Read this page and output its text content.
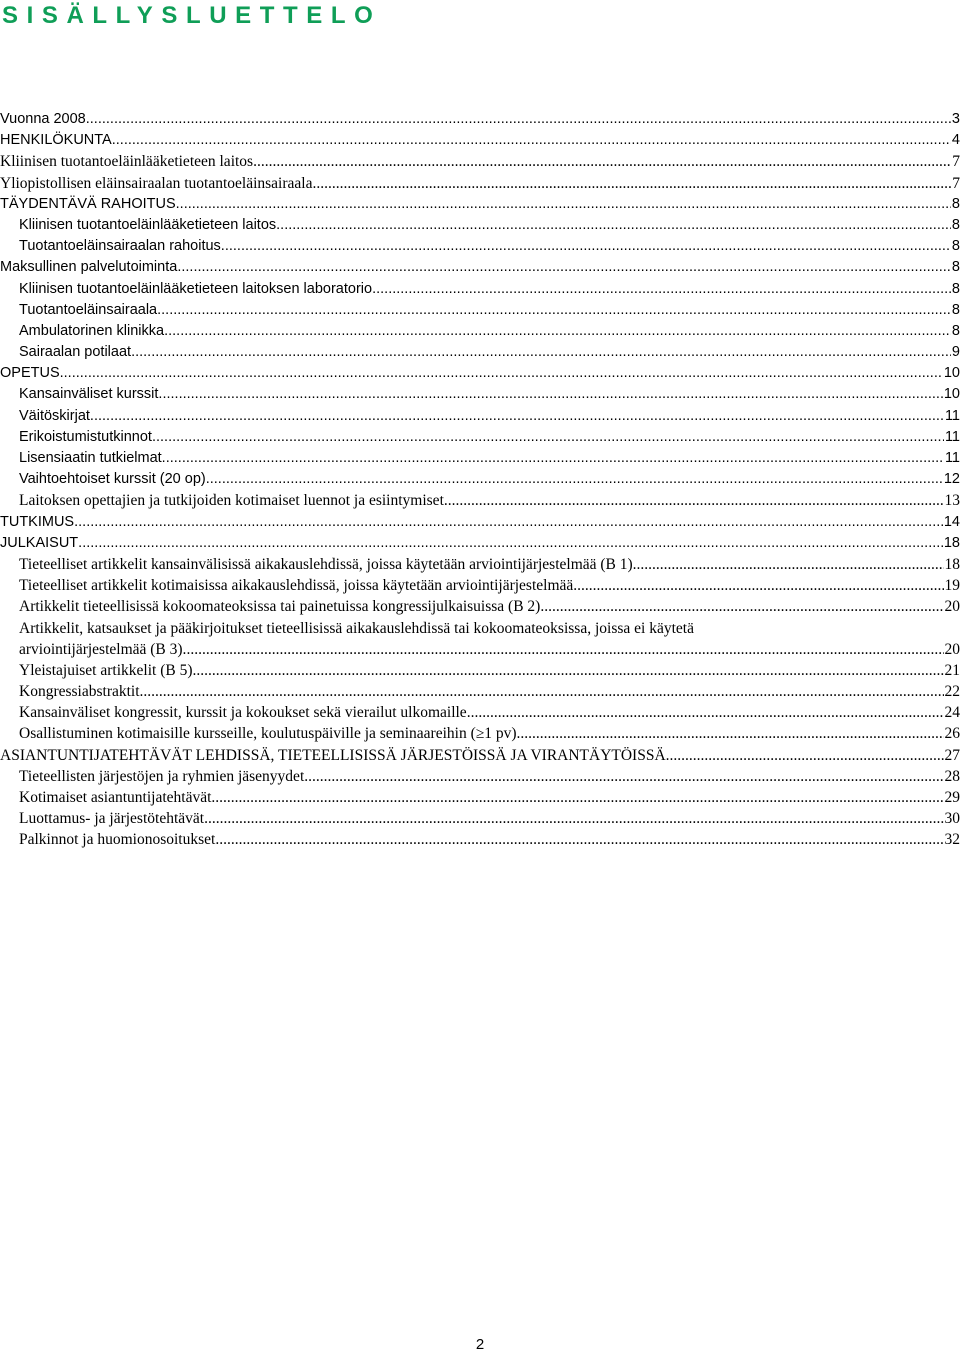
SISÄLLYSLUETTELO
Vuonna 2008 .....	3
HENKILÖKUNTA .....	4
Kliinisen tuotantoeläinlääketieteen laitos. .....	7
Yliopistollisen eläinsairaalan tuotantoeläinsairaala .....	7
TÄYDENTÄVÄ RAHOITUS .....	8
Kliinisen tuotantoeläinlääketieteen laitos .....	8
Tuotantoeläinsairaalan rahoitus .....	8
Maksullinen palvelutoiminta .....	8
Kliinisen tuotantoeläinlääketieteen laitoksen laboratorio .....	8
Tuotantoeläinsairaala .....	8
Ambulatorinen klinikka .....	8
Sairaalan potilaat .....	9
OPETUS .....	10
Kansainväliset kurssit .....	10
Väitöskirjat .....	11
Erikoistumistutkinnot. .....	11
Lisensiaatin tutkielmat .....	11
Vaihtoehtoiset kurssit (20 op) .....	12
Laitoksen opettajien ja tutkijoiden kotimaiset luennot ja esiintymiset .....	13
TUTKIMUS .....	14
JULKAISUT .....	18
Tieteelliset artikkelit kansainvälisissä aikakauslehdissä, joissa käytetään arviointijärjestelmää (B 1). .....	18
Tieteelliset artikkelit kotimaisissa aikakauslehdissä, joissa käytetään arviointijärjestelmää .....	19
Artikkelit tieteellisissä kokoomateoksissa tai painetuissa kongressijulkaisuissa (B 2) .....	20
Artikkelit, katsaukset ja pääkirjoitukset tieteellisissä aikakauslehdissä tai kokoomateoksissa, joissa ei käytetä
arviointijärjestelmää (B 3). .....	20
Yleistajuiset artikkelit (B 5) .....	21
Kongressiabstraktit .....	22
Kansainväliset kongressit, kurssit ja kokoukset sekä vierailut ulkomaille .....	24
Osallistuminen kotimaisille kursseille, koulutuspäiville ja seminaareihin (≥1 pv) .....	26
ASIANTUNTIJATEHTÄVÄT LEHDISSÄ, TIETEELLISISSÄ JÄRJESTÖISSÄ JA VIRANTÄYTÖISSÄ .....	27
Tieteellisten järjestöjen ja ryhmien jäsenyydet .....	28
Kotimaiset asiantuntijatehtävät. .....	29
Luottamus- ja järjestötehtävät .....	30
Palkinnot ja huomionosoitukset. .....	32
2
